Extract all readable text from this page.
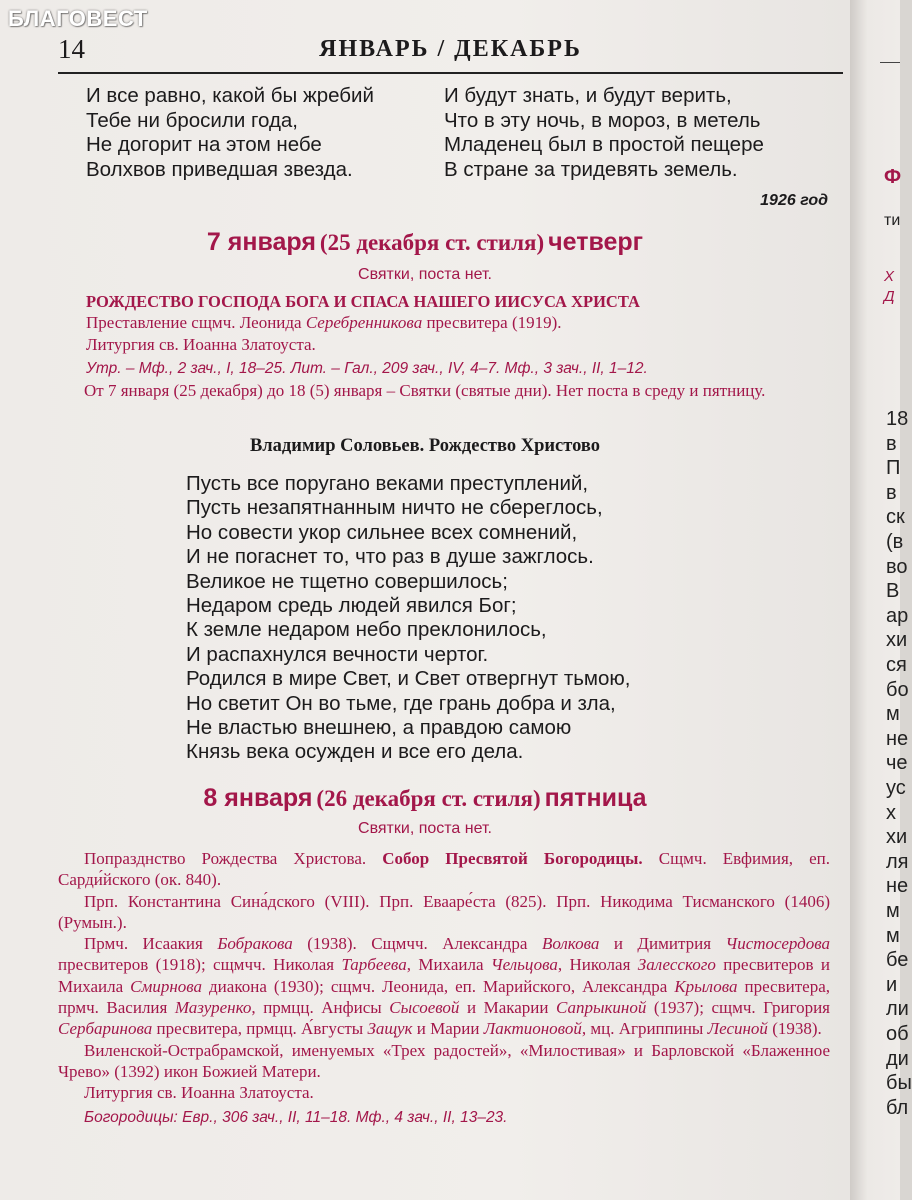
14	ЯНВАРЬ / ДЕКАБРЬ
И все равно, какой бы жребий
Тебе ни бросили года,
Не догорит на этом небе
Волхвов приведшая звезда.
И будут знать, и будут верить,
Что в эту ночь, в мороз, в метель
Младенец был в простой пещере
В стране за тридевять земель.
1926 год
7 января (25 декабря ст. стиля) четверг
Святки, поста нет.

РОЖДЕСТВО ГОСПОДА БОГА И СПАСА НАШЕГО ИИСУСА ХРИСТА

Преставление сщмч. Леонида Серебренникова пресвитера (1919).

Литургия св. Иоанна Златоуста.

Утр. – Мф., 2 зач., I, 18–25. Лит. – Гал., 209 зач., IV, 4–7. Мф., 3 зач., II, 1–12.

От 7 января (25 декабря) до 18 (5) января – Святки (святые дни). Нет поста в среду и пятницу.

Владимир Соловьев. Рождество Христово
Пусть все поругано веками преступлений,
Пусть незапятнанным ничто не сбереглось,
Но совести укор сильнее всех сомнений,
И не погаснет то, что раз в душе зажглось.
Великое не тщетно совершилось;
Недаром средь людей явился Бог;
К земле недаром небо преклонилось,
И распахнулся вечности чертог.
Родился в мире Свет, и Свет отвергнут тьмою,
Но светит Он во тьме, где грань добра и зла,
Не властью внешнею, а правдою самою
Князь века осужден и все его дела.
8 января (26 декабря ст. стиля) пятница
Святки, поста нет.

Попразднство Рождества Христова. Собор Пресвятой Богородицы. Сщмч. Евфимия, еп. Сарди́йского (ок. 840).

Прп. Константина Сина́дского (VIII). Прп. Евааре́ста (825). Прп. Никодима Тисманского (1406) (Румын.).

Прмч. Исаакия Бобракова (1938). Сщмчч. Александра Волкова и Димитрия Чистосердова пресвитеров (1918); сщмчч. Николая Тарбеева, Михаила Чельцова, Николая Залесского пресвитеров и Михаила Смирнова диакона (1930); сщмч. Леонида, еп. Марийского, Александра Крылова пресвитера, прмч. Василия Мазуренко, прмцц. Анфисы Сысоевой и Макарии Сапрыкиной (1937); сщмч. Григория Сербаринова пресвитера, прмцц. А́вгусты Защук и Марии Лактионовой, мц. Агриппины Лесиной (1938).

Виленской-Острабрамской, именуемых «Трех радостей», «Милостивая» и Барловской «Блаженное Чрево» (1392) икон Божией Матери.

Литургия св. Иоанна Златоуста.

Богородицы: Евр., 306 зач., II, 11–18. Мф., 4 зач., II, 13–23.

БЛАГОВЕСТ
Ф
ти
Х
Д
18
в
П
в
ск
(в
во
В
ар
хи
ся
бо
м
не
че
ус
х
хи
ля
не
м
м
бе
и
ли
об
ди
бы
бл
